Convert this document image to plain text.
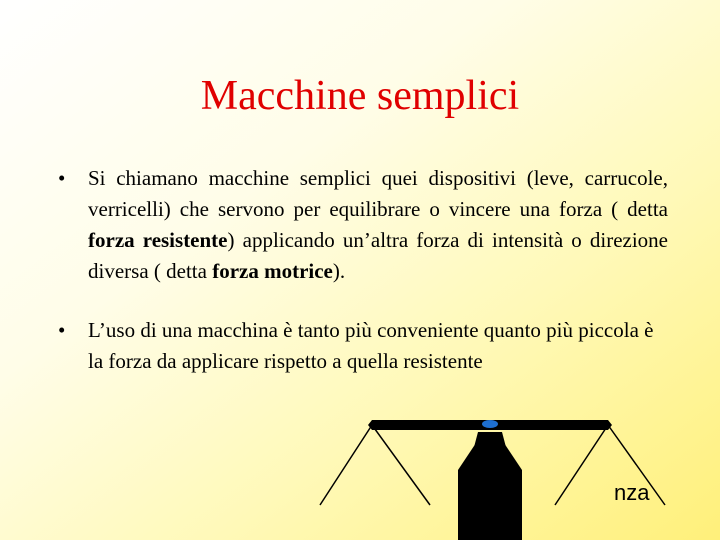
Macchine semplici
• Si chiamano macchine semplici quei dispositivi (leve, carrucole, verricelli) che servono per equilibrare o vincere una forza ( detta forza resistente) applicando un’altra forza di intensità o direzione diversa ( detta forza motrice).
• L’uso di una macchina è tanto più conveniente quanto più piccola è la forza da applicare rispetto a quella resistente
nza
